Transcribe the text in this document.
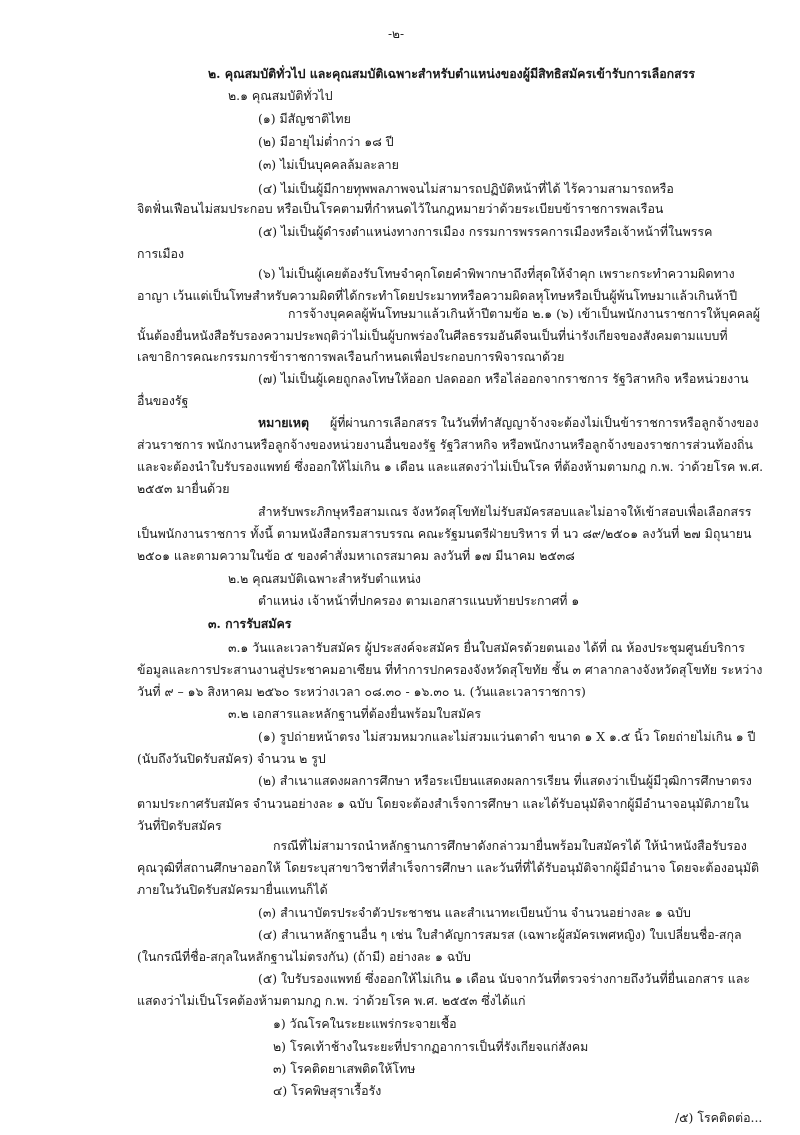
-๒-
๒. คุณสมบัติทั่วไป และคุณสมบัติเฉพาะสำหรับตำแหน่งของผู้มีสิทธิสมัครเข้ารับการเลือกสรร
๒.๑ คุณสมบัติทั่วไป
(๑) มีสัญชาติไทย
(๒) มีอายุไม่ต่ำกว่า ๑๘ ปี
(๓) ไม่เป็นบุคคลล้มละลาย
(๔) ไม่เป็นผู้มีกายทุพพลภาพจนไม่สามารถปฏิบัติหน้าที่ได้ ไร้ความสามารถหรือ
จิตฟั่นเฟือนไม่สมประกอบ หรือเป็นโรคตามที่กำหนดไว้ในกฎหมายว่าด้วยระเบียบข้าราชการพลเรือน
(๕) ไม่เป็นผู้ดำรงตำแหน่งทางการเมือง กรรมการพรรคการเมืองหรือเจ้าหน้าที่ในพรรค
การเมือง
(๖) ไม่เป็นผู้เคยต้องรับโทษจำคุกโดยคำพิพากษาถึงที่สุดให้จำคุก เพราะกระทำความผิดทาง
อาญา เว้นแต่เป็นโทษสำหรับความผิดที่ได้กระทำโดยประมาทหรือความผิดลหุโทษหรือเป็นผู้พ้นโทษมาแล้วเกินห้าปี
การจ้างบุคคลผู้พ้นโทษมาแล้วเกินห้าปีตามข้อ ๒.๑ (๖) เข้าเป็นพนักงานราชการให้บุคคลผู้
นั้นต้องยื่นหนังสือรับรองความประพฤติว่าไม่เป็นผู้บกพร่องในศีลธรรมอันดีจนเป็นที่น่ารังเกียจของสังคมตามแบบที่
เลขาธิการคณะกรรมการข้าราชการพลเรือนกำหนดเพื่อประกอบการพิจารณาด้วย
(๗) ไม่เป็นผู้เคยถูกลงโทษให้ออก ปลดออก หรือไล่ออกจากราชการ รัฐวิสาหกิจ หรือหน่วยงาน
อื่นของรัฐ
หมายเหตุ ผู้ที่ผ่านการเลือกสรร ในวันที่ทำสัญญาจ้างจะต้องไม่เป็นข้าราชการหรือลูกจ้างของ
ส่วนราชการ พนักงานหรือลูกจ้างของหน่วยงานอื่นของรัฐ รัฐวิสาหกิจ หรือพนักงานหรือลูกจ้างของราชการส่วนท้องถิ่น
และจะต้องนำใบรับรองแพทย์ ซึ่งออกให้ไม่เกิน ๑ เดือน และแสดงว่าไม่เป็นโรค ที่ต้องห้ามตามกฎ ก.พ. ว่าด้วยโรค พ.ศ.
๒๕๕๓ มายื่นด้วย
สำหรับพระภิกษุหรือสามเณร จังหวัดสุโขทัยไม่รับสมัครสอบและไม่อาจให้เข้าสอบเพื่อเลือกสรร
เป็นพนักงานราชการ ทั้งนี้ ตามหนังสือกรมสารบรรณ คณะรัฐมนตรีฝ่ายบริหาร ที่ นว ๘๙/๒๕๐๑ ลงวันที่ ๒๗ มิถุนายน
๒๕๐๑ และตามความในข้อ ๕ ของคำสั่งมหาเถรสมาคม ลงวันที่ ๑๗ มีนาคม ๒๕๓๘
๒.๒ คุณสมบัติเฉพาะสำหรับตำแหน่ง
ตำแหน่ง เจ้าหน้าที่ปกครอง ตามเอกสารแนบท้ายประกาศที่ ๑
๓. การรับสมัคร
๓.๑ วันและเวลารับสมัคร ผู้ประสงค์จะสมัคร ยื่นใบสมัครด้วยตนเอง ได้ที่ ณ ห้องประชุมศูนย์บริการ
ข้อมูลและการประสานงานสู่ประชาคมอาเซียน ที่ทำการปกครองจังหวัดสุโขทัย ชั้น ๓ ศาลากลางจังหวัดสุโขทัย ระหว่าง
วันที่ ๙ – ๑๖ สิงหาคม ๒๕๖๐ ระหว่างเวลา ๐๘.๓๐ - ๑๖.๓๐ น. (วันและเวลาราชการ)
๓.๒ เอกสารและหลักฐานที่ต้องยื่นพร้อมใบสมัคร
(๑) รูปถ่ายหน้าตรง ไม่สวมหมวกและไม่สวมแว่นตาดำ ขนาด ๑ X ๑.๕ นิ้ว โดยถ่ายไม่เกิน ๑ ปี
(นับถึงวันปิดรับสมัคร) จำนวน ๒ รูป
(๒) สำเนาแสดงผลการศึกษา หรือระเบียนแสดงผลการเรียน ที่แสดงว่าเป็นผู้มีวุฒิการศึกษาตรง
ตามประกาศรับสมัคร จำนวนอย่างละ ๑ ฉบับ โดยจะต้องสำเร็จการศึกษา และได้รับอนุมัติจากผู้มีอำนาจอนุมัติภายใน
วันที่ปิดรับสมัคร
กรณีที่ไม่สามารถนำหลักฐานการศึกษาดังกล่าวมายื่นพร้อมใบสมัครได้ ให้นำหนังสือรับรอง
คุณวุฒิที่สถานศึกษาออกให้ โดยระบุสาขาวิชาที่สำเร็จการศึกษา และวันที่ที่ได้รับอนุมัติจากผู้มีอำนาจ โดยจะต้องอนุมัติ
ภายในวันปิดรับสมัครมายื่นแทนก็ได้
(๓) สำเนาบัตรประจำตัวประชาชน และสำเนาทะเบียนบ้าน จำนวนอย่างละ ๑ ฉบับ
(๔) สำเนาหลักฐานอื่น ๆ เช่น ใบสำคัญการสมรส (เฉพาะผู้สมัครเพศหญิง) ใบเปลี่ยนชื่อ-สกุล
(ในกรณีที่ชื่อ-สกุลในหลักฐานไม่ตรงกัน) (ถ้ามี) อย่างละ ๑ ฉบับ
(๕) ใบรับรองแพทย์ ซึ่งออกให้ไม่เกิน ๑ เดือน นับจากวันที่ตรวจร่างกายถึงวันที่ยื่นเอกสาร และ
แสดงว่าไม่เป็นโรคต้องห้ามตามกฎ ก.พ. ว่าด้วยโรค พ.ศ. ๒๕๕๓ ซึ่งได้แก่
๑) วัณโรคในระยะแพร่กระจายเชื้อ
๒) โรคเท้าช้างในระยะที่ปรากฏอาการเป็นที่รังเกียจแก่สังคม
๓) โรคติดยาเสพติดให้โทษ
๔) โรคพิษสุราเรื้อรัง
/๕) โรคติดต่อ...
